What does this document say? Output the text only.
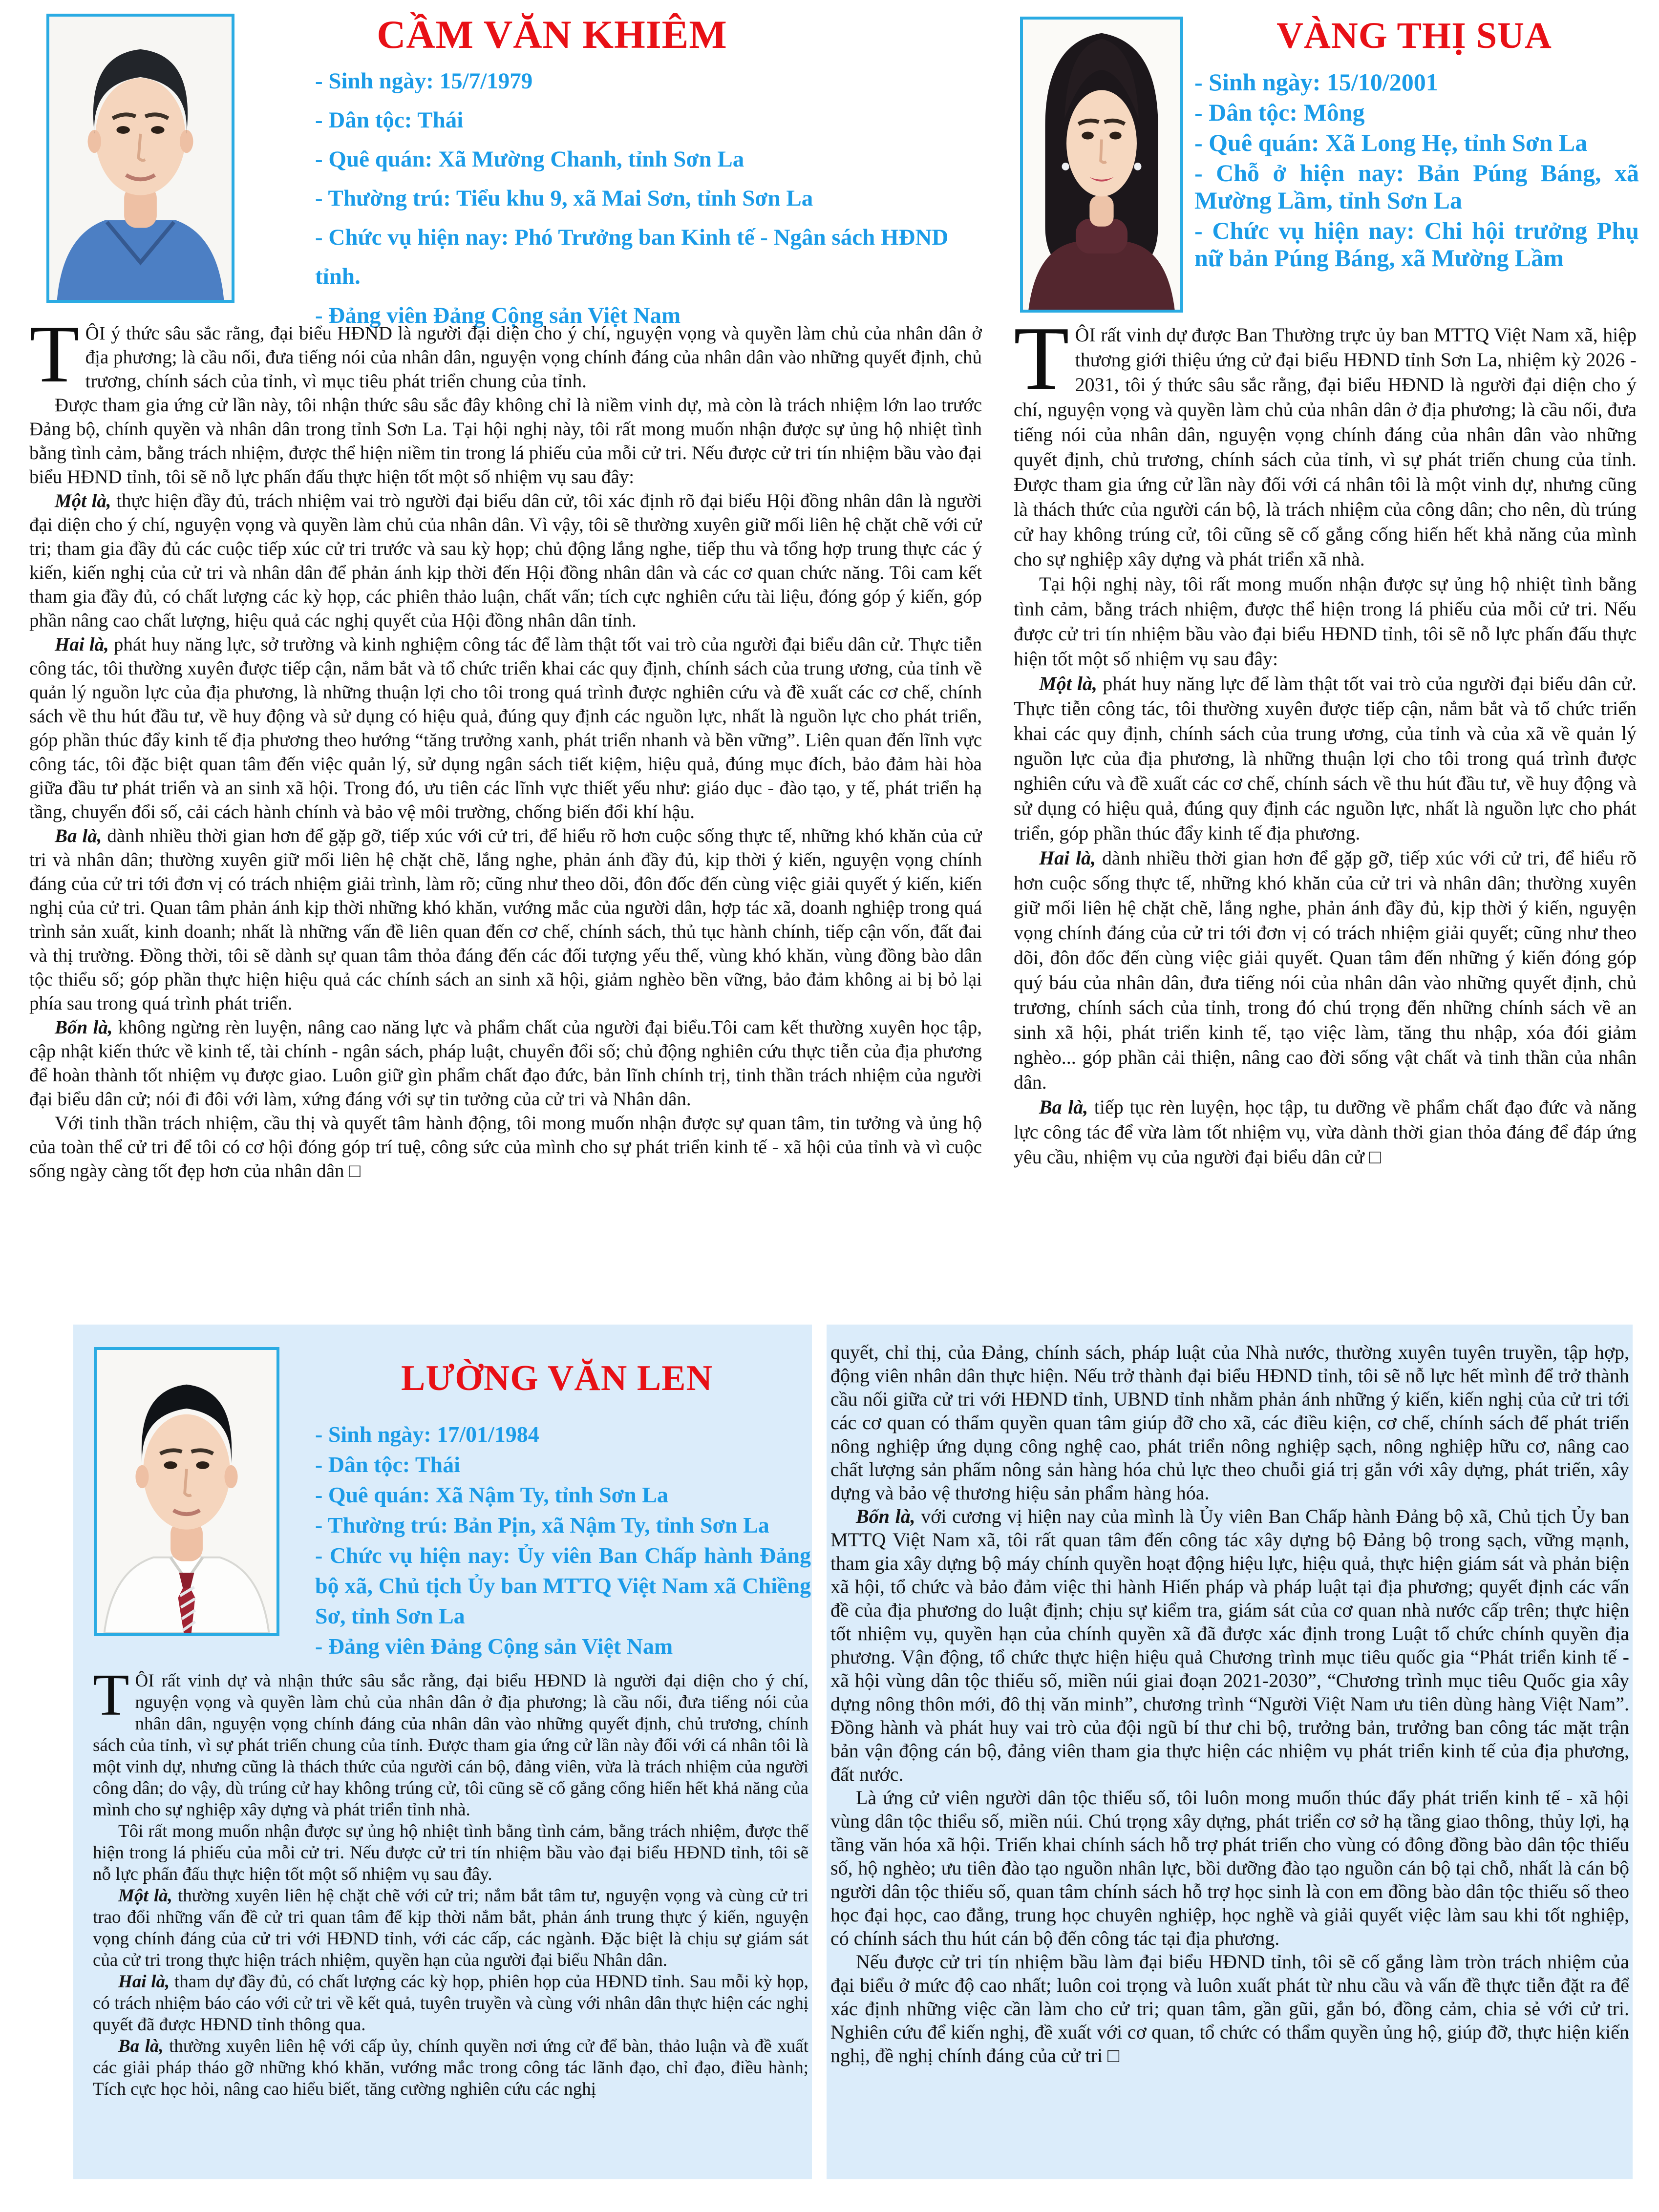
CẦM VĂN KHIÊM
- Sinh ngày: 15/7/1979
- Dân tộc: Thái
- Quê quán: Xã Mường Chanh, tỉnh Sơn La
- Thường trú: Tiểu khu 9, xã Mai Sơn, tỉnh Sơn La
- Chức vụ hiện nay: Phó Trưởng ban Kinh tế - Ngân sách HĐND tỉnh.
- Đảng viên Đảng Cộng sản Việt Nam

TÔI ý thức sâu sắc rằng, đại biểu HĐND là người đại diện cho ý chí, nguyện vọng và quyền làm chủ của nhân dân ở địa phương; là cầu nối, đưa tiếng nói của nhân dân, nguyện vọng chính đáng của nhân dân vào những quyết định, chủ trương, chính sách của tỉnh, vì mục tiêu phát triển chung của tỉnh.

Được tham gia ứng cử lần này, tôi nhận thức sâu sắc đây không chỉ là niềm vinh dự, mà còn là trách nhiệm lớn lao trước Đảng bộ, chính quyền và nhân dân trong tỉnh Sơn La. Tại hội nghị này, tôi rất mong muốn nhận được sự ủng hộ nhiệt tình bằng tình cảm, bằng trách nhiệm, được thể hiện niềm tin trong lá phiếu của mỗi cử tri. Nếu được cử tri tín nhiệm bầu vào đại biểu HĐND tỉnh, tôi sẽ nỗ lực phấn đấu thực hiện tốt một số nhiệm vụ sau đây:

Một là, thực hiện đầy đủ, trách nhiệm vai trò người đại biểu dân cử, tôi xác định rõ đại biểu Hội đồng nhân dân là người đại diện cho ý chí, nguyện vọng và quyền làm chủ của nhân dân. Vì vậy, tôi sẽ thường xuyên giữ mối liên hệ chặt chẽ với cử tri; tham gia đầy đủ các cuộc tiếp xúc cử tri trước và sau kỳ họp; chủ động lắng nghe, tiếp thu và tổng hợp trung thực các ý kiến, kiến nghị của cử tri và nhân dân để phản ánh kịp thời đến Hội đồng nhân dân và các cơ quan chức năng. Tôi cam kết tham gia đầy đủ, có chất lượng các kỳ họp, các phiên thảo luận, chất vấn; tích cực nghiên cứu tài liệu, đóng góp ý kiến, góp phần nâng cao chất lượng, hiệu quả các nghị quyết của Hội đồng nhân dân tỉnh.

Hai là, phát huy năng lực, sở trường và kinh nghiệm công tác để làm thật tốt vai trò của người đại biểu dân cử. Thực tiễn công tác, tôi thường xuyên được tiếp cận, nắm bắt và tổ chức triển khai các quy định, chính sách của trung ương, của tỉnh về quản lý nguồn lực của địa phương, là những thuận lợi cho tôi trong quá trình được nghiên cứu và đề xuất các cơ chế, chính sách về thu hút đầu tư, về huy động và sử dụng có hiệu quả, đúng quy định các nguồn lực, nhất là nguồn lực cho phát triển, góp phần thúc đẩy kinh tế địa phương theo hướng “tăng trưởng xanh, phát triển nhanh và bền vững”. Liên quan đến lĩnh vực công tác, tôi đặc biệt quan tâm đến việc quản lý, sử dụng ngân sách tiết kiệm, hiệu quả, đúng mục đích, bảo đảm hài hòa giữa đầu tư phát triển và an sinh xã hội. Trong đó, ưu tiên các lĩnh vực thiết yếu như: giáo dục - đào tạo, y tế, phát triển hạ tầng, chuyển đổi số, cải cách hành chính và bảo vệ môi trường, chống biến đổi khí hậu.

Ba là, dành nhiều thời gian hơn để gặp gỡ, tiếp xúc với cử tri, để hiểu rõ hơn cuộc sống thực tế, những khó khăn của cử tri và nhân dân; thường xuyên giữ mối liên hệ chặt chẽ, lắng nghe, phản ánh đầy đủ, kịp thời ý kiến, nguyện vọng chính đáng của cử tri tới đơn vị có trách nhiệm giải trình, làm rõ; cũng như theo dõi, đôn đốc đến cùng việc giải quyết ý kiến, kiến nghị của cử tri. Quan tâm phản ánh kịp thời những khó khăn, vướng mắc của người dân, hợp tác xã, doanh nghiệp trong quá trình sản xuất, kinh doanh; nhất là những vấn đề liên quan đến cơ chế, chính sách, thủ tục hành chính, tiếp cận vốn, đất đai và thị trường. Đồng thời, tôi sẽ dành sự quan tâm thỏa đáng đến các đối tượng yếu thế, vùng khó khăn, vùng đồng bào dân tộc thiểu số; góp phần thực hiện hiệu quả các chính sách an sinh xã hội, giảm nghèo bền vững, bảo đảm không ai bị bỏ lại phía sau trong quá trình phát triển.

Bốn là, không ngừng rèn luyện, nâng cao năng lực và phẩm chất của người đại biểu.Tôi cam kết thường xuyên học tập, cập nhật kiến thức về kinh tế, tài chính - ngân sách, pháp luật, chuyển đổi số; chủ động nghiên cứu thực tiễn của địa phương để hoàn thành tốt nhiệm vụ được giao. Luôn giữ gìn phẩm chất đạo đức, bản lĩnh chính trị, tinh thần trách nhiệm của người đại biểu dân cử; nói đi đôi với làm, xứng đáng với sự tin tưởng của cử tri và Nhân dân.

Với tinh thần trách nhiệm, cầu thị và quyết tâm hành động, tôi mong muốn nhận được sự quan tâm, tin tưởng và ủng hộ của toàn thể cử tri để tôi có cơ hội đóng góp trí tuệ, công sức của mình cho sự phát triển kinh tế - xã hội của tỉnh và vì cuộc sống ngày càng tốt đẹp hơn của nhân dân □

VÀNG THỊ SUA
- Sinh ngày: 15/10/2001
- Dân tộc: Mông
- Quê quán: Xã Long Hẹ, tỉnh Sơn La
- Chỗ ở hiện nay: Bản Púng Báng, xã Mường Lầm, tỉnh Sơn La
- Chức vụ hiện nay: Chi hội trưởng Phụ nữ bản Púng Báng, xã Mường Lầm

TÔI rất vinh dự được Ban Thường trực ủy ban MTTQ Việt Nam xã, hiệp thương giới thiệu ứng cử đại biểu HĐND tỉnh Sơn La, nhiệm kỳ 2026 - 2031, tôi ý thức sâu sắc rằng, đại biểu HĐND là người đại diện cho ý chí, nguyện vọng và quyền làm chủ của nhân dân ở địa phương; là cầu nối, đưa tiếng nói của nhân dân, nguyện vọng chính đáng của nhân dân vào những quyết định, chủ trương, chính sách của tỉnh, vì sự phát triển chung của tỉnh. Được tham gia ứng cử lần này đối với cá nhân tôi là một vinh dự, nhưng cũng là thách thức của người cán bộ, là trách nhiệm của công dân; cho nên, dù trúng cử hay không trúng cử, tôi cũng sẽ cố gắng cống hiến hết khả năng của mình cho sự nghiệp xây dựng và phát triển xã nhà.

Tại hội nghị này, tôi rất mong muốn nhận được sự ủng hộ nhiệt tình bằng tình cảm, bằng trách nhiệm, được thể hiện trong lá phiếu của mỗi cử tri. Nếu được cử tri tín nhiệm bầu vào đại biểu HĐND tỉnh, tôi sẽ nỗ lực phấn đấu thực hiện tốt một số nhiệm vụ sau đây:

Một là, phát huy năng lực để làm thật tốt vai trò của người đại biểu dân cử. Thực tiễn công tác, tôi thường xuyên được tiếp cận, nắm bắt và tổ chức triển khai các quy định, chính sách của trung ương, của tỉnh và của xã về quản lý nguồn lực của địa phương, là những thuận lợi cho tôi trong quá trình được nghiên cứu và đề xuất các cơ chế, chính sách về thu hút đầu tư, về huy động và sử dụng có hiệu quả, đúng quy định các nguồn lực, nhất là nguồn lực cho phát triển, góp phần thúc đẩy kinh tế địa phương.

Hai là, dành nhiều thời gian hơn để gặp gỡ, tiếp xúc với cử tri, để hiểu rõ hơn cuộc sống thực tế, những khó khăn của cử tri và nhân dân; thường xuyên giữ mối liên hệ chặt chẽ, lắng nghe, phản ánh đầy đủ, kịp thời ý kiến, nguyện vọng chính đáng của cử tri tới đơn vị có trách nhiệm giải quyết; cũng như theo dõi, đôn đốc đến cùng việc giải quyết. Quan tâm đến những ý kiến đóng góp quý báu của nhân dân, đưa tiếng nói của nhân dân vào những quyết định, chủ trương, chính sách của tỉnh, trong đó chú trọng đến những chính sách về an sinh xã hội, phát triển kinh tế, tạo việc làm, tăng thu nhập, xóa đói giảm nghèo... góp phần cải thiện, nâng cao đời sống vật chất và tinh thần của nhân dân.

Ba là, tiếp tục rèn luyện, học tập, tu dưỡng về phẩm chất đạo đức và năng lực công tác để vừa làm tốt nhiệm vụ, vừa dành thời gian thỏa đáng để đáp ứng yêu cầu, nhiệm vụ của người đại biểu dân cử □

LƯỜNG VĂN LEN
- Sinh ngày: 17/01/1984
- Dân tộc: Thái
- Quê quán: Xã Nậm Ty, tỉnh Sơn La
- Thường trú: Bản Pịn, xã Nậm Ty, tỉnh Sơn La
- Chức vụ hiện nay: Ủy viên Ban Chấp hành Đảng bộ xã, Chủ tịch Ủy ban MTTQ Việt Nam xã Chiềng Sơ, tỉnh Sơn La
- Đảng viên Đảng Cộng sản Việt Nam

TÔI rất vinh dự và nhận thức sâu sắc rằng, đại biểu HĐND là người đại diện cho ý chí, nguyện vọng và quyền làm chủ của nhân dân ở địa phương; là cầu nối, đưa tiếng nói của nhân dân, nguyện vọng chính đáng của nhân dân vào những quyết định, chủ trương, chính sách của tỉnh, vì sự phát triển chung của tỉnh. Được tham gia ứng cử lần này đối với cá nhân tôi là một vinh dự, nhưng cũng là thách thức của người cán bộ, đảng viên, vừa là trách nhiệm của người công dân; do vậy, dù trúng cử hay không trúng cử, tôi cũng sẽ cố gắng cống hiến hết khả năng của mình cho sự nghiệp xây dựng và phát triển tỉnh nhà.

Tôi rất mong muốn nhận được sự ủng hộ nhiệt tình bằng tình cảm, bằng trách nhiệm, được thể hiện trong lá phiếu của mỗi cử tri. Nếu được cử tri tín nhiệm bầu vào đại biểu HĐND tỉnh, tôi sẽ nỗ lực phấn đấu thực hiện tốt một số nhiệm vụ sau đây.

Một là, thường xuyên liên hệ chặt chẽ với cử tri; nắm bắt tâm tư, nguyện vọng và cùng cử tri trao đổi những vấn đề cử tri quan tâm để kịp thời nắm bắt, phản ánh trung thực ý kiến, nguyện vọng chính đáng của cử tri với HĐND tỉnh, với các cấp, các ngành. Đặc biệt là chịu sự giám sát của cử tri trong thực hiện trách nhiệm, quyền hạn của người đại biểu Nhân dân.

Hai là, tham dự đầy đủ, có chất lượng các kỳ họp, phiên họp của HĐND tỉnh. Sau mỗi kỳ họp, có trách nhiệm báo cáo với cử tri về kết quả, tuyên truyền và cùng với nhân dân thực hiện các nghị quyết đã được HĐND tỉnh thông qua.

Ba là, thường xuyên liên hệ với cấp ủy, chính quyền nơi ứng cử để bàn, thảo luận và đề xuất các giải pháp tháo gỡ những khó khăn, vướng mắc trong công tác lãnh đạo, chỉ đạo, điều hành; Tích cực học hỏi, nâng cao hiểu biết, tăng cường nghiên cứu các nghị

quyết, chỉ thị, của Đảng, chính sách, pháp luật của Nhà nước, thường xuyên tuyên truyền, tập hợp, động viên nhân dân thực hiện. Nếu trở thành đại biểu HĐND tỉnh, tôi sẽ nỗ lực hết mình để trở thành cầu nối giữa cử tri với HĐND tỉnh, UBND tỉnh nhằm phản ánh những ý kiến, kiến nghị của cử tri tới các cơ quan có thẩm quyền quan tâm giúp đỡ cho xã, các điều kiện, cơ chế, chính sách để phát triển nông nghiệp ứng dụng công nghệ cao, phát triển nông nghiệp sạch, nông nghiệp hữu cơ, nâng cao chất lượng sản phẩm nông sản hàng hóa chủ lực theo chuỗi giá trị gắn với xây dựng, phát triển, xây dựng và bảo vệ thương hiệu sản phẩm hàng hóa.

Bốn là, với cương vị hiện nay của mình là Ủy viên Ban Chấp hành Đảng bộ xã, Chủ tịch Ủy ban MTTQ Việt Nam xã, tôi rất quan tâm đến công tác xây dựng bộ Đảng bộ trong sạch, vững mạnh, tham gia xây dựng bộ máy chính quyền hoạt động hiệu lực, hiệu quả, thực hiện giám sát và phản biện xã hội, tổ chức và bảo đảm việc thi hành Hiến pháp và pháp luật tại địa phương; quyết định các vấn đề của địa phương do luật định; chịu sự kiểm tra, giám sát của cơ quan nhà nước cấp trên; thực hiện tốt nhiệm vụ, quyền hạn của chính quyền xã đã được xác định trong Luật tổ chức chính quyền địa phương. Vận động, tổ chức thực hiện hiệu quả Chương trình mục tiêu quốc gia “Phát triển kinh tế - xã hội vùng dân tộc thiểu số, miền núi giai đoạn 2021-2030”, “Chương trình mục tiêu Quốc gia xây dựng nông thôn mới, đô thị văn minh”, chương trình “Người Việt Nam ưu tiên dùng hàng Việt Nam”. Đồng hành và phát huy vai trò của đội ngũ bí thư chi bộ, trưởng bản, trưởng ban công tác mặt trận bản vận động cán bộ, đảng viên tham gia thực hiện các nhiệm vụ phát triển kinh tế của địa phương, đất nước.

Là ứng cử viên người dân tộc thiểu số, tôi luôn mong muốn thúc đẩy phát triển kinh tế - xã hội vùng dân tộc thiểu số, miền núi. Chú trọng xây dựng, phát triển cơ sở hạ tầng giao thông, thủy lợi, hạ tầng văn hóa xã hội. Triển khai chính sách hỗ trợ phát triển cho vùng có đông đồng bào dân tộc thiểu số, hộ nghèo; ưu tiên đào tạo nguồn nhân lực, bồi dưỡng đào tạo nguồn cán bộ tại chỗ, nhất là cán bộ người dân tộc thiểu số, quan tâm chính sách hỗ trợ học sinh là con em đồng bào dân tộc thiểu số theo học đại học, cao đẳng, trung học chuyên nghiệp, học nghề và giải quyết việc làm sau khi tốt nghiệp, có chính sách thu hút cán bộ đến công tác tại địa phương.

Nếu được cử tri tín nhiệm bầu làm đại biểu HĐND tỉnh, tôi sẽ cố gắng làm tròn trách nhiệm của đại biểu ở mức độ cao nhất; luôn coi trọng và luôn xuất phát từ nhu cầu và vấn đề thực tiễn đặt ra để xác định những việc cần làm cho cử tri; quan tâm, gần gũi, gắn bó, đồng cảm, chia sẻ với cử tri. Nghiên cứu để kiến nghị, đề xuất với cơ quan, tổ chức có thẩm quyền ủng hộ, giúp đỡ, thực hiện kiến nghị, đề nghị chính đáng của cử tri □
